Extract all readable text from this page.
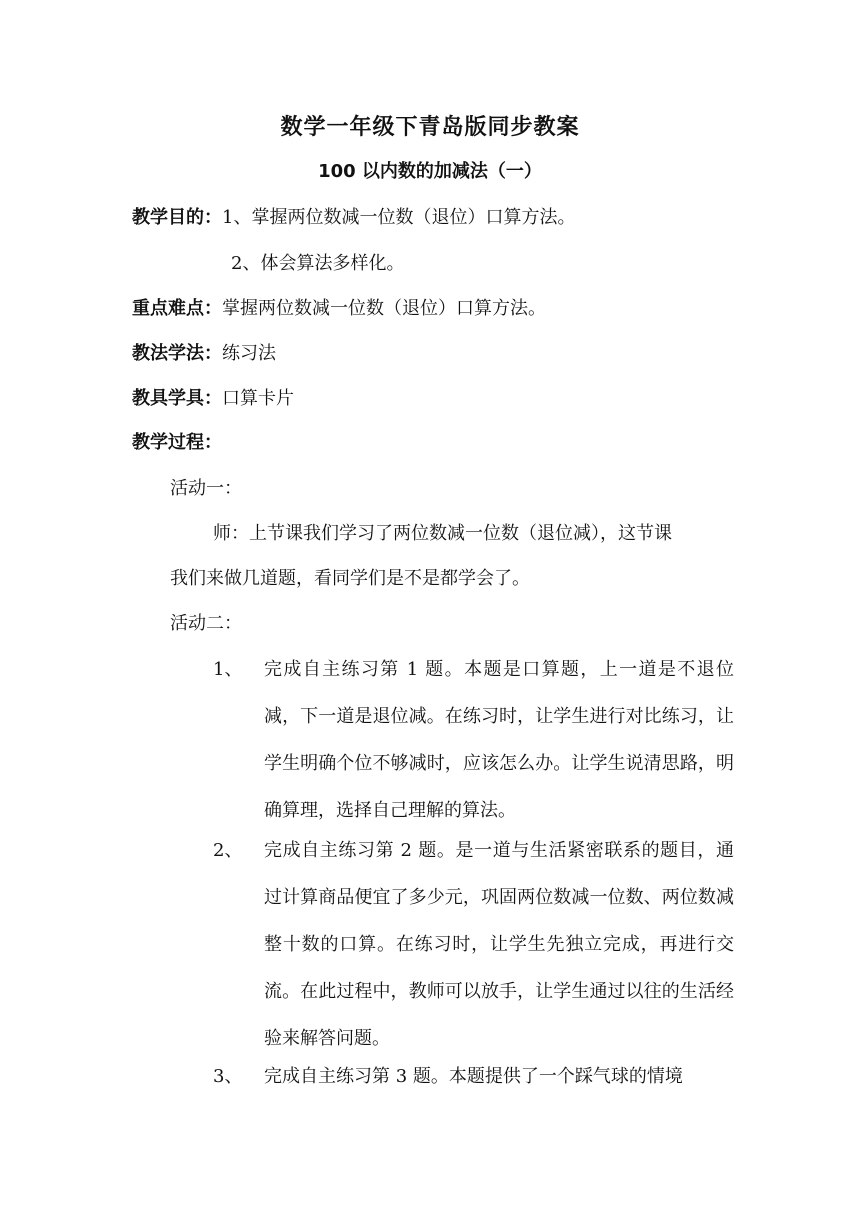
数学一年级下青岛版同步教案
100 以内数的加减法（一）
教学目的：1、掌握两位数减一位数（退位）口算方法。
2、体会算法多样化。
重点难点：掌握两位数减一位数（退位）口算方法。
教法学法：练习法
教具学具：口算卡片
教学过程：
活动一：
师：上节课我们学习了两位数减一位数（退位减），这节课
我们来做几道题，看同学们是不是都学会了。
活动二：
1、 完成自主练习第 1 题。本题是口算题，上一道是不退位减，下一道是退位减。在练习时，让学生进行对比练习，让学生明确个位不够减时，应该怎么办。让学生说清思路，明确算理，选择自己理解的算法。
2、 完成自主练习第 2 题。是一道与生活紧密联系的题目，通过计算商品便宜了多少元，巩固两位数减一位数、两位数减整十数的口算。在练习时，让学生先独立完成，再进行交流。在此过程中，教师可以放手，让学生通过以往的生活经验来解答问题。
3、 完成自主练习第 3 题。本题提供了一个踩气球的情境
